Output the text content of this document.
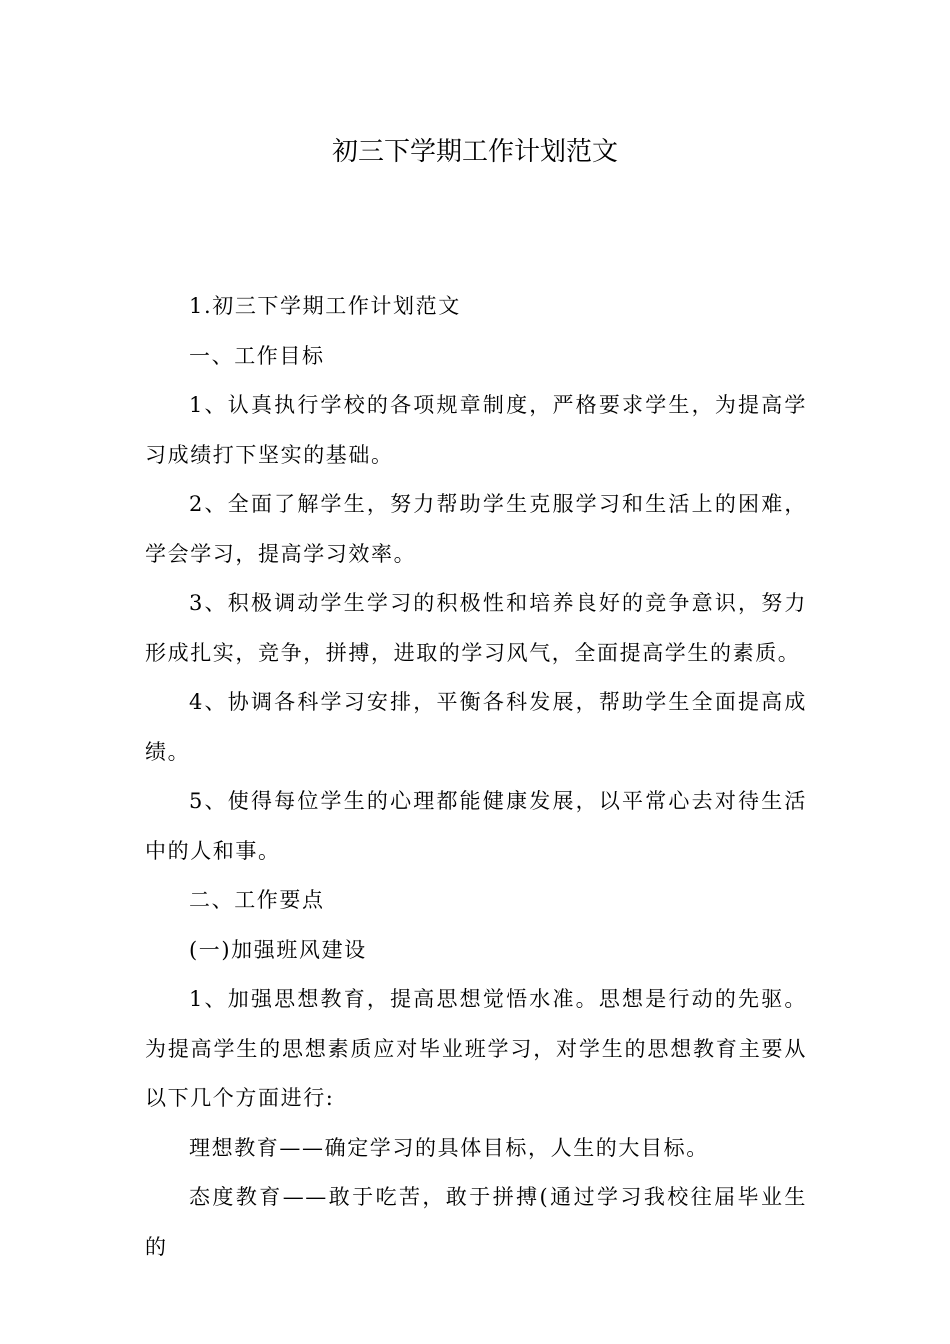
初三下学期工作计划范文

1.初三下学期工作计划范文

一、工作目标

1、认真执行学校的各项规章制度，严格要求学生，为提高学习成绩打下坚实的基础。

2、全面了解学生，努力帮助学生克服学习和生活上的困难，学会学习，提高学习效率。

3、积极调动学生学习的积极性和培养良好的竞争意识，努力形成扎实，竞争，拼搏，进取的学习风气，全面提高学生的素质。

4、协调各科学习安排，平衡各科发展，帮助学生全面提高成绩。

5、使得每位学生的心理都能健康发展，以平常心去对待生活中的人和事。

二、工作要点

(一)加强班风建设

1、加强思想教育，提高思想觉悟水准。思想是行动的先驱。为提高学生的思想素质应对毕业班学习，对学生的思想教育主要从以下几个方面进行:

理想教育——确定学习的具体目标，人生的大目标。

态度教育——敢于吃苦，敢于拼搏(通过学习我校往届毕业生的
